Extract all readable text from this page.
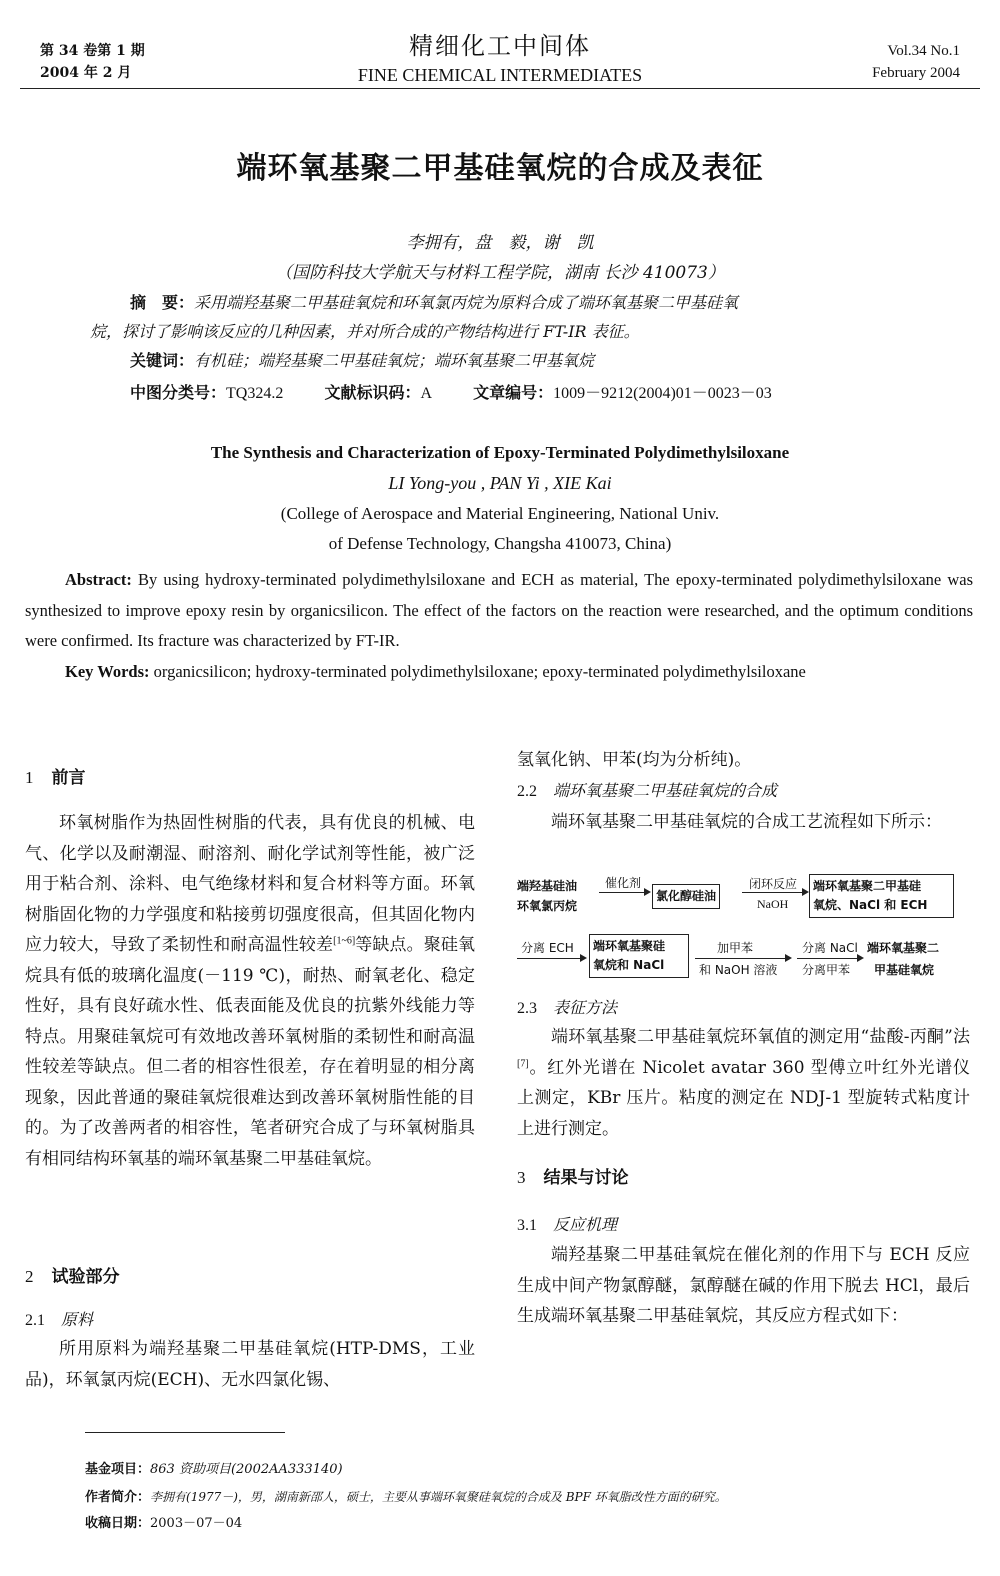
第 34 卷第 1 期
2004 年 2 月
精细化工中间体
FINE CHEMICAL INTERMEDIATES
Vol.34 No.1
February 2004
端环氧基聚二甲基硅氧烷的合成及表征
李拥有，盘　毅，谢　凯
（国防科技大学航天与材料工程学院，湖南 长沙 410073）
摘　要：采用端羟基聚二甲基硅氧烷和环氧氯丙烷为原料合成了端环氧基聚二甲基硅氧
烷，探讨了影响该反应的几种因素，并对所合成的产物结构进行 FT-IR 表征。
关键词：有机硅；端羟基聚二甲基硅氧烷；端环氧基聚二甲基氧烷
中图分类号：TQ324.2	文献标识码：A	文章编号：1009－9212(2004)01－0023－03
The Synthesis and Characterization of Epoxy-Terminated Polydimethylsiloxane
LI Yong-you , PAN Yi , XIE Kai
(College of Aerospace and Material Engineering, National Univ.
of Defense Technology, Changsha 410073, China)

Abstract: By using hydroxy-terminated polydimethylsiloxane and ECH as material, The epoxy-terminated polydimethylsiloxane was synthesized to improve epoxy resin by organicsilicon. The effect of the factors on the reaction were researched, and the optimum conditions were confirmed. Its fracture was characterized by FT-IR.

Key Words: organicsilicon; hydroxy-terminated polydimethylsiloxane; epoxy-terminated polydimethylsiloxane

1 前言
环氧树脂作为热固性树脂的代表，具有优良的机械、电气、化学以及耐潮湿、耐溶剂、耐化学试剂等性能，被广泛用于粘合剂、涂料、电气绝缘材料和复合材料等方面。环氧树脂固化物的力学强度和粘接剪切强度很高，但其固化物内应力较大，导致了柔韧性和耐高温性较差[1~6]等缺点。聚硅氧烷具有低的玻璃化温度(－119 ℃)，耐热、耐氧老化、稳定性好，具有良好疏水性、低表面能及优良的抗紫外线能力等特点。用聚硅氧烷可有效地改善环氧树脂的柔韧性和耐高温性较差等缺点。但二者的相容性很差，存在着明显的相分离现象，因此普通的聚硅氧烷很难达到改善环氧树脂性能的目的。为了改善两者的相容性，笔者研究合成了与环氧树脂具有相同结构环氧基的端环氧基聚二甲基硅氧烷。
2 试验部分
2.1 原料
所用原料为端羟基聚二甲基硅氧烷(HTP-DMS，工业品)，环氧氯丙烷(ECH)、无水四氯化锡、
氢氧化钠、甲苯(均为分析纯)。
2.2 端环氧基聚二甲基硅氧烷的合成
端环氧基聚二甲基硅氧烷的合成工艺流程如下所示：
端羟基硅油
环氧氯丙烷
催化剂
氯化醇硅油
闭环反应
NaOH
端环氧基聚二甲基硅
氧烷、NaCl 和 ECH
分离 ECH 端环氧基聚硅
氧烷和 NaCl
加甲苯
和 NaOH 溶液
分离 NaCl
分离甲苯
端环氧基聚二
甲基硅氧烷
2.3 表征方法
端环氧基聚二甲基硅氧烷环氧值的测定用“盐酸-丙酮”法[7]。红外光谱在 Nicolet avatar 360 型傅立叶红外光谱仪上测定，KBr 压片。粘度的测定在 NDJ-1 型旋转式粘度计上进行测定。
3 结果与讨论
3.1 反应机理
端羟基聚二甲基硅氧烷在催化剂的作用下与 ECH 反应生成中间产物氯醇醚，氯醇醚在碱的作用下脱去 HCl，最后生成端环氧基聚二甲基硅氧烷，其反应方程式如下：
基金项目：863 资助项目(2002AA333140)
作者简介：李拥有(1977－)，男，湖南新邵人，硕士，主要从事端环氧聚硅氧烷的合成及 BPF 环氧脂改性方面的研究。
收稿日期：2003－07－04
